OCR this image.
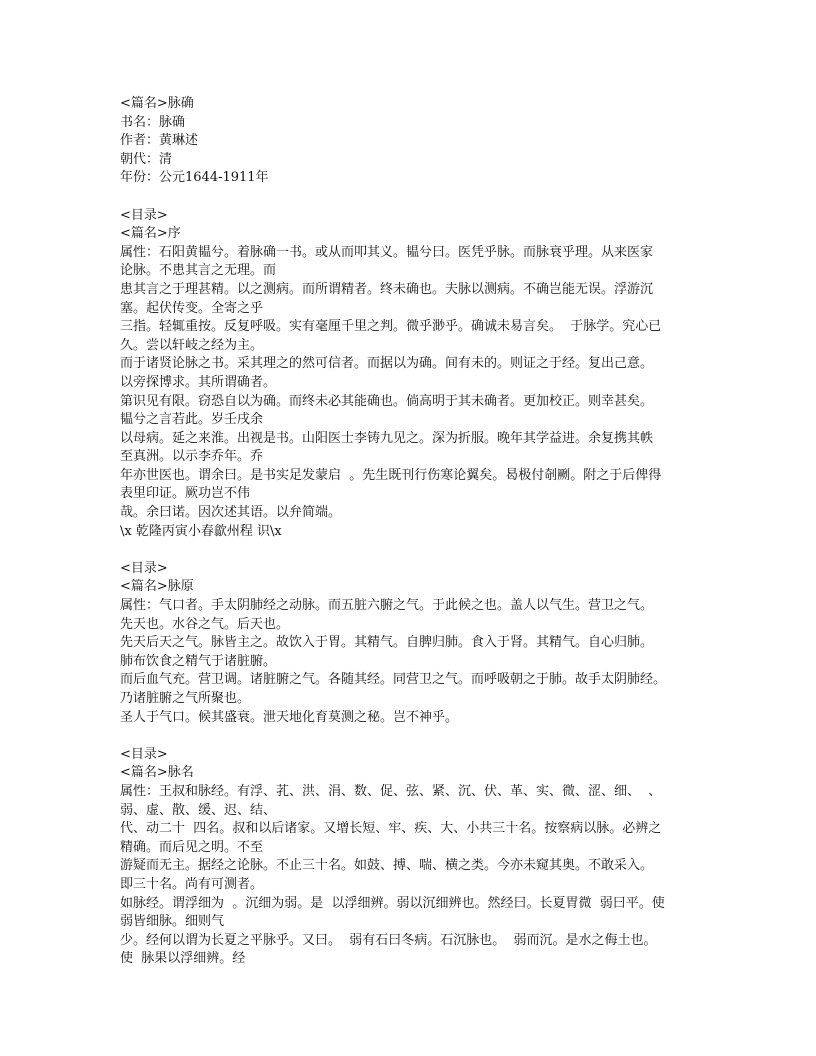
<篇名>脉确
书名：脉确
作者：黄琳述
朝代：清
年份：公元1644-1911年
<目录>
<篇名>序
属性：石阳黄韫兮。着脉确一书。或从而叩其义。韫兮曰。医凭乎脉。而脉衰乎理。从来医家
论脉。不患其言之无理。而
患其言之于理甚精。以之测病。而所谓精者。终未确也。夫脉以测病。不确岂能无误。浮游沉
塞。起伏传变。全寄之乎
三指。轻辄重按。反复呼吸。实有毫厘千里之判。微乎渺乎。确诚未易言矣。  于脉学。究心已
久。尝以轩岐之经为主。
而于诸贤论脉之书。采其理之的然可信者。而据以为确。间有未的。则证之于经。复出己意。
以旁探博求。其所谓确者。
第识见有限。窃恐自以为确。而终未必其能确也。倘高明于其未确者。更加校正。则幸甚矣。
韫兮之言若此。岁壬戌余
以母病。延之来淮。出视是书。山阳医士李铸九见之。深为折服。晚年其学益进。余复携其帙
至真洲。以示李乔年。乔
年亦世医也。谓余曰。是书实足发蒙启  。先生既刊行伤寒论翼矣。曷极付剞劂。附之于后俾得
表里印证。厥功岂不伟
哉。余曰诺。因次述其语。以弁简端。
\x 乾隆丙寅小春歙州程 识\x
<目录>
<篇名>脉原
属性：气口者。手太阴肺经之动脉。而五脏六腑之气。于此候之也。盖人以气生。营卫之气。
先天也。水谷之气。后天也。
先天后天之气。脉皆主之。故饮入于胃。其精气。自脾归肺。食入于肾。其精气。自心归肺。
肺布饮食之精气于诸脏腑。
而后血气充。营卫调。诸脏腑之气。各随其经。同营卫之气。而呼吸朝之于肺。故手太阴肺经。
乃诸脏腑之气所聚也。
圣人于气口。候其盛衰。泄天地化育莫测之秘。岂不神乎。
<目录>
<篇名>脉名
属性：王叔和脉经。有浮、芤、洪、涓、数、促、弦、紧、沉、伏、革、实、微、涩、细、  、
弱、虚、散、缓、迟、结、
代、动二十  四名。叔和以后诸家。又增长短、牢、疾、大、小共三十名。按察病以脉。必辨之
精确。而后见之明。不至
游疑而无主。据经之论脉。不止三十名。如鼓、搏、喘、横之类。今亦未窥其奥。不敢采入。
即三十名。尚有可测者。
如脉经。谓浮细为  。沉细为弱。是  以浮细辨。弱以沉细辨也。然经曰。长夏胃微  弱曰平。使
弱皆细脉。细则气
少。经何以谓为长夏之平脉乎。又曰。  弱有石曰冬病。石沉脉也。  弱而沉。是水之侮土也。
使  脉果以浮细辨。经
